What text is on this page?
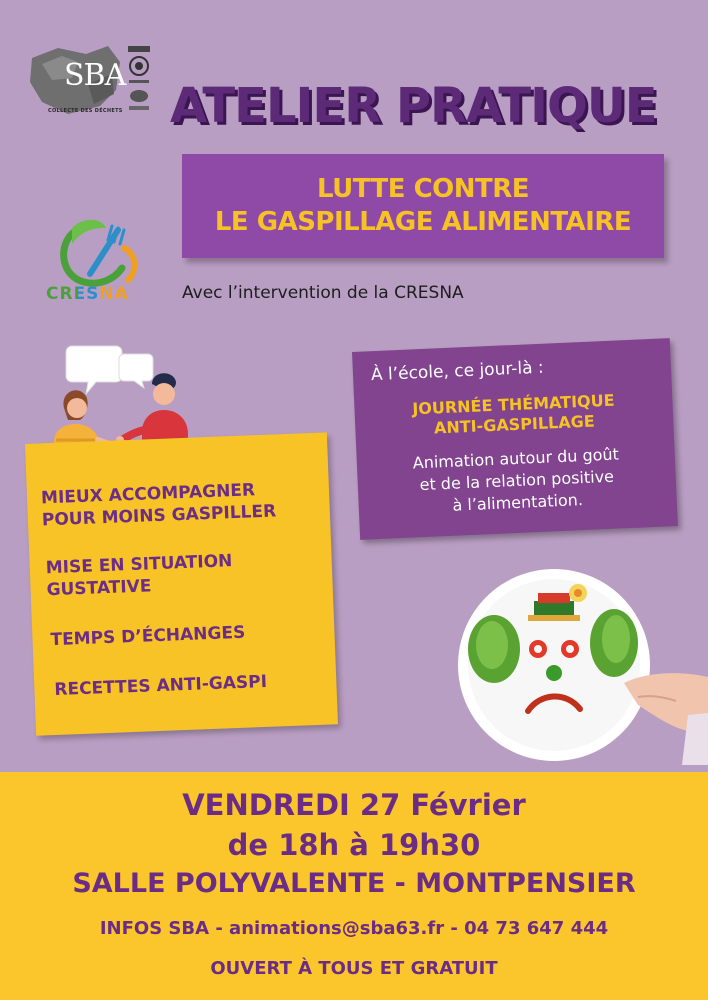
SBA
COLLECTE DES DÉCHETS ATELIER PRATIQUE
LUTTE CONTRE
LE GASPILLAGE ALIMENTAIRE
CRESNA	Avec l’intervention de la CRESNA
MIEUX ACCOMPAGNER
POUR MOINS GASPILLER
MISE EN SITUATION
GUSTATIVE
TEMPS D’ÉCHANGES
RECETTES ANTI-GASPI
À l’école, ce jour-là :
JOURNÉE THÉMATIQUE
ANTI-GASPILLAGE
Animation autour du goût
et de la relation positive
à l’alimentation.
VENDREDI 27 Février
de 18h à 19h30
SALLE POLYVALENTE - MONTPENSIER
INFOS SBA - animations@sba63.fr - 04 73 647 444
OUVERT À TOUS ET GRATUIT
